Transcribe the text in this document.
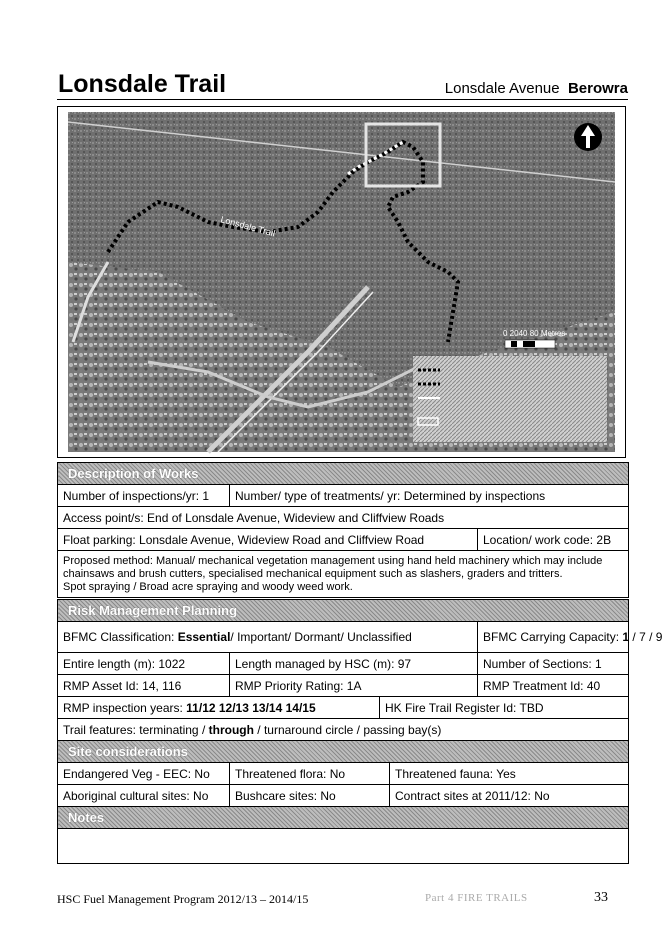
Lonsdale Trail	Lonsdale Avenue Berowra
Lonsdale Trail
0 2040 80 Metres
Description of Works		
Number of inspections/yr: 1	Number/ type of treatments/ yr: Determined by inspections	
Access point/s: End of Lonsdale Avenue, Wideview and Cliffview Roads		
Float parking: Lonsdale Avenue, Wideview Road and Cliffview Road		Location/ work code: 2B

Proposed method: Manual/ mechanical vegetation management using hand held machinery which may include chainsaws and brush cutters, specialised mechanical equipment such as slashers, graders and tritters.
Spot spraying / Broad acre spraying and woody weed work.		
Risk Management Planning			
BFMC Classification: Essential/ Important/ Dormant/ Unclassified			BFMC Carrying Capacity: 1 / 7 / 9
Entire length (m): 1022	Length managed by HSC (m): 97		Number of Sections: 1
RMP Asset Id: 14, 116	RMP Priority Rating: 1A		RMP Treatment Id: 40
RMP inspection years: 11/12 12/13 13/14 14/15		HK Fire Trail Register Id: TBD	
Trail features: terminating / through / turnaround circle / passing bay(s)			
Site considerations		
Endangered Veg - EEC: No	Threatened flora: No	Threatened fauna: Yes
Aboriginal cultural sites: No	Bushcare sites: No	Contract sites at 2011/12: No
Notes		

HSC Fuel Management Program 2012/13 – 2014/15	Part 4 FIRE TRAILS	33
